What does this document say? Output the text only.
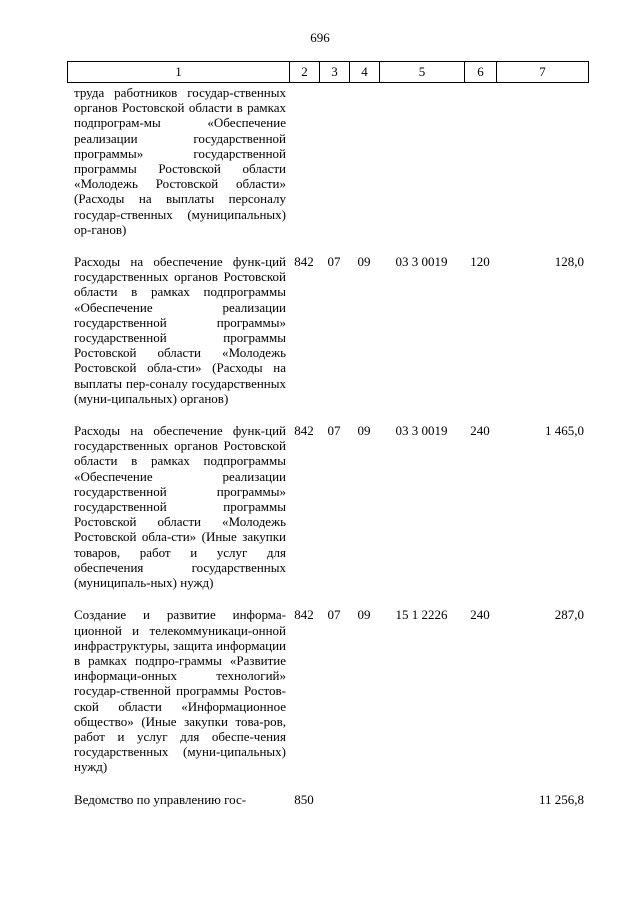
696
1	2	3	4	5	6	7
труда работников государ-ственных органов Ростовской области в рамках подпрограм-мы «Обеспечение реализации государственной программы» государственной программы Ростовской области «Молодежь Ростовской области» (Расходы на выплаты персоналу государ-ственных (муниципальных) ор-ганов)						
Расходы на обеспечение функ-ций государственных органов Ростовской области в рамках подпрограммы «Обеспечение реализации государственной программы» государственной программы Ростовской области «Молодежь Ростовской обла-сти» (Расходы на выплаты пер-соналу государственных (муни-ципальных) органов)	842	07	09	03 3 0019	120	128,0
Расходы на обеспечение функ-ций государственных органов Ростовской области в рамках подпрограммы «Обеспечение реализации государственной программы» государственной программы Ростовской области «Молодежь Ростовской обла-сти» (Иные закупки товаров, работ и услуг для обеспечения государственных (муниципаль-ных) нужд)	842	07	09	03 3 0019	240	1 465,0
Создание и развитие информа-ционной и телекоммуникаци-онной инфраструктуры, защита информации в рамках подпро-граммы «Развитие информаци-онных технологий» государ-ственной программы Ростов-ской области «Информационное общество» (Иные закупки това-ров, работ и услуг для обеспе-чения государственных (муни-ципальных) нужд)	842	07	09	15 1 2226	240	287,0
Ведомство по управлению гос-	850					11 256,8
